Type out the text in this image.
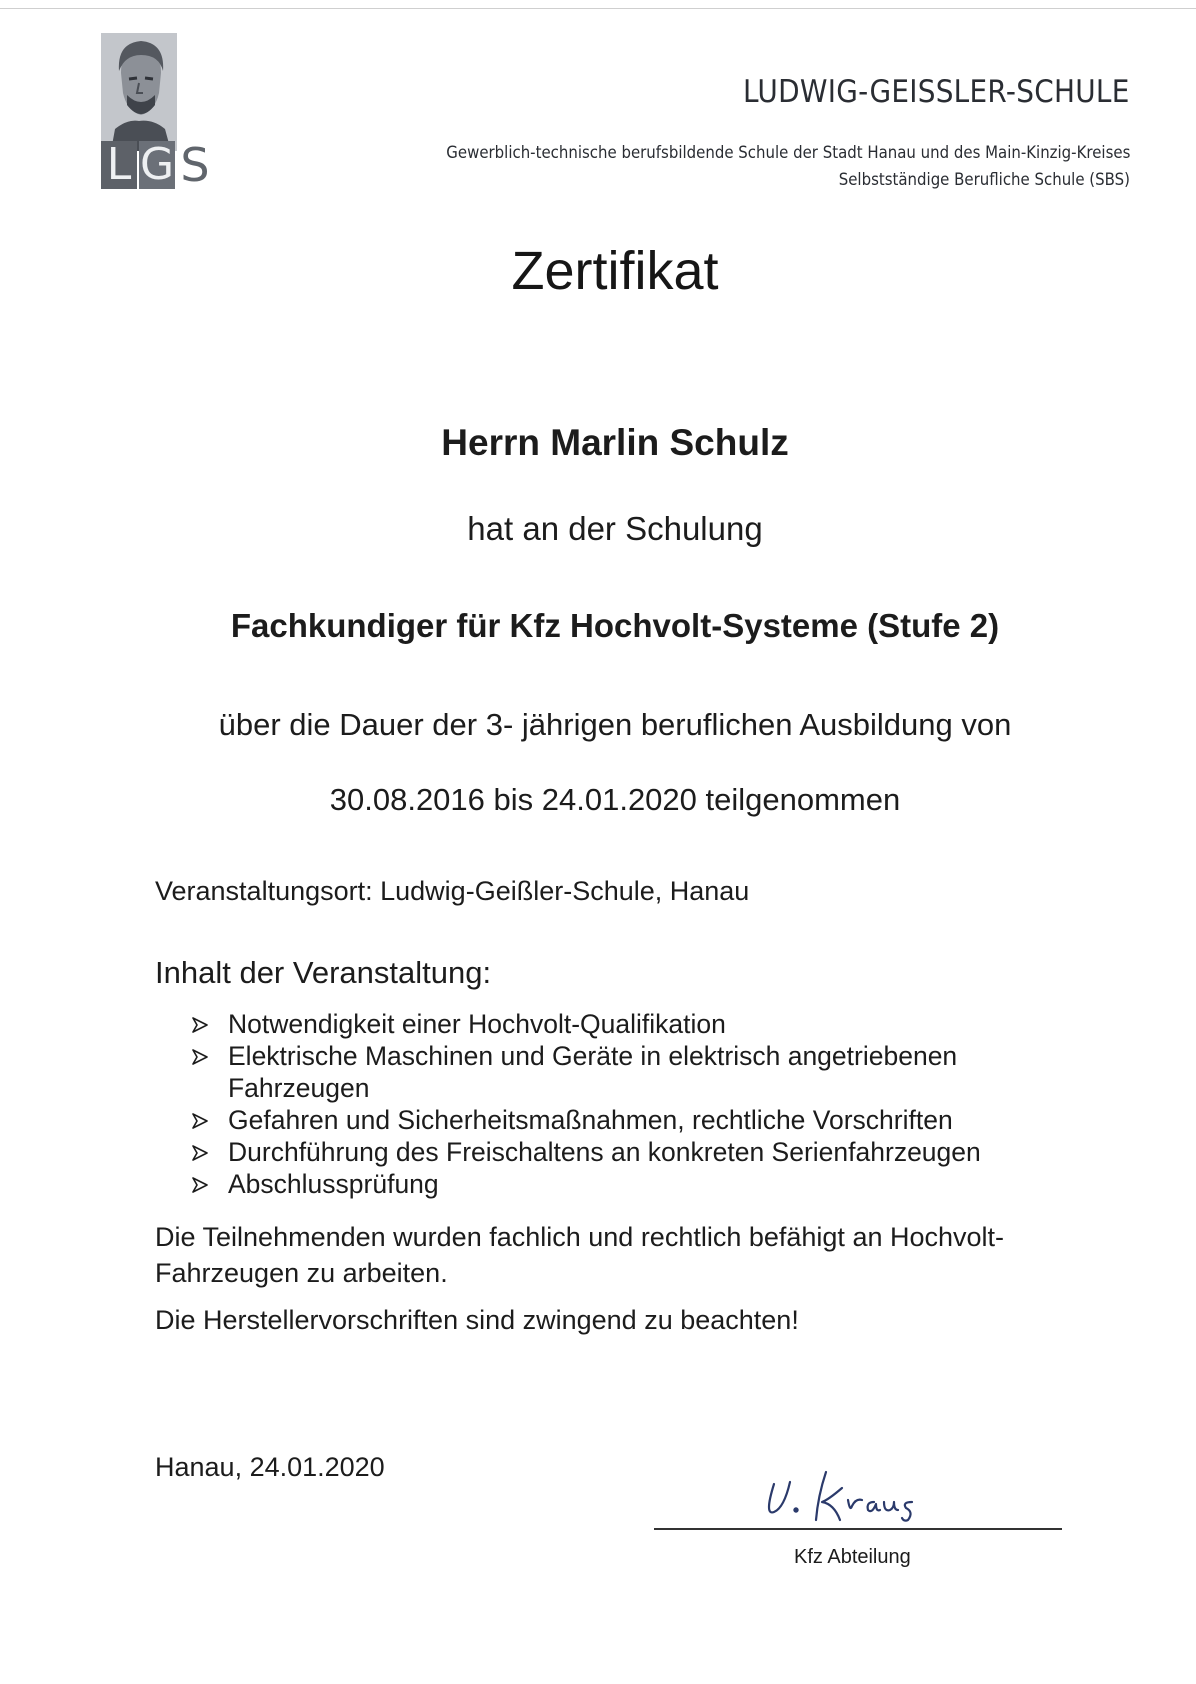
L G S
LUDWIG-GEISSLER-SCHULE
Gewerblich-technische berufsbildende Schule der Stadt Hanau und des Main-Kinzig-Kreises
Selbstständige Berufliche Schule (SBS)
Zertifikat
Herrn Marlin Schulz
hat an der Schulung
Fachkundiger für Kfz Hochvolt-Systeme (Stufe 2)
über die Dauer der 3- jährigen beruflichen Ausbildung von
30.08.2016 bis 24.01.2020 teilgenommen
Veranstaltungsort: Ludwig-Geißler-Schule, Hanau
Inhalt der Veranstaltung:
Notwendigkeit einer Hochvolt-Qualifikation
Elektrische Maschinen und Geräte in elektrisch angetriebenen Fahrzeugen
Gefahren und Sicherheitsmaßnahmen, rechtliche Vorschriften
Durchführung des Freischaltens an konkreten Serienfahrzeugen
Abschlussprüfung

Die Teilnehmenden wurden fachlich und rechtlich befähigt an Hochvolt-Fahrzeugen zu arbeiten.

Die Herstellervorschriften sind zwingend zu beachten!
Hanau, 24.01.2020
Kfz Abteilung
